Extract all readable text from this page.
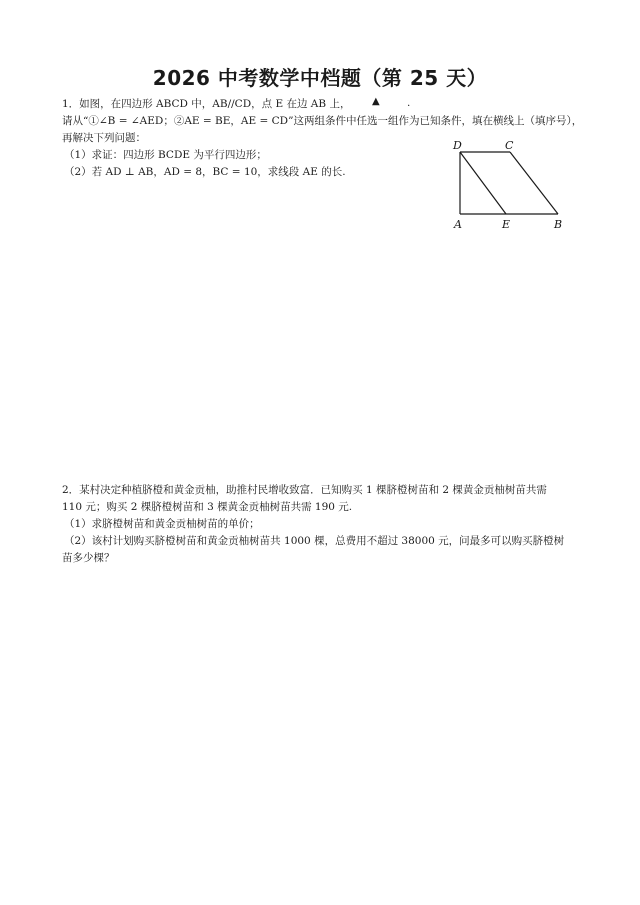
2026 中考数学中档题（第 25 天）
1．如图，在四边形 ABCD 中，AB//CD，点 E 在边 AB 上， ▲	.
请从“①∠B = ∠AED；②AE = BE，AE = CD”这两组条件中任选一组作为已知条件，填在横线上（填序号），
再解决下列问题：
（1）求证：四边形 BCDE 为平行四边形；
（2）若 AD ⊥ AB，AD = 8，BC = 10，求线段 AE 的长.
D	C
A	E	B
2．某村决定种植脐橙和黄金贡柚，助推村民增收致富．已知购买 1 棵脐橙树苗和 2 棵黄金贡柚树苗共需
110 元；购买 2 棵脐橙树苗和 3 棵黄金贡柚树苗共需 190 元.
（1）求脐橙树苗和黄金贡柚树苗的单价；
（2）该村计划购买脐橙树苗和黄金贡柚树苗共 1000 棵，总费用不超过 38000 元，问最多可以购买脐橙树
苗多少棵？
